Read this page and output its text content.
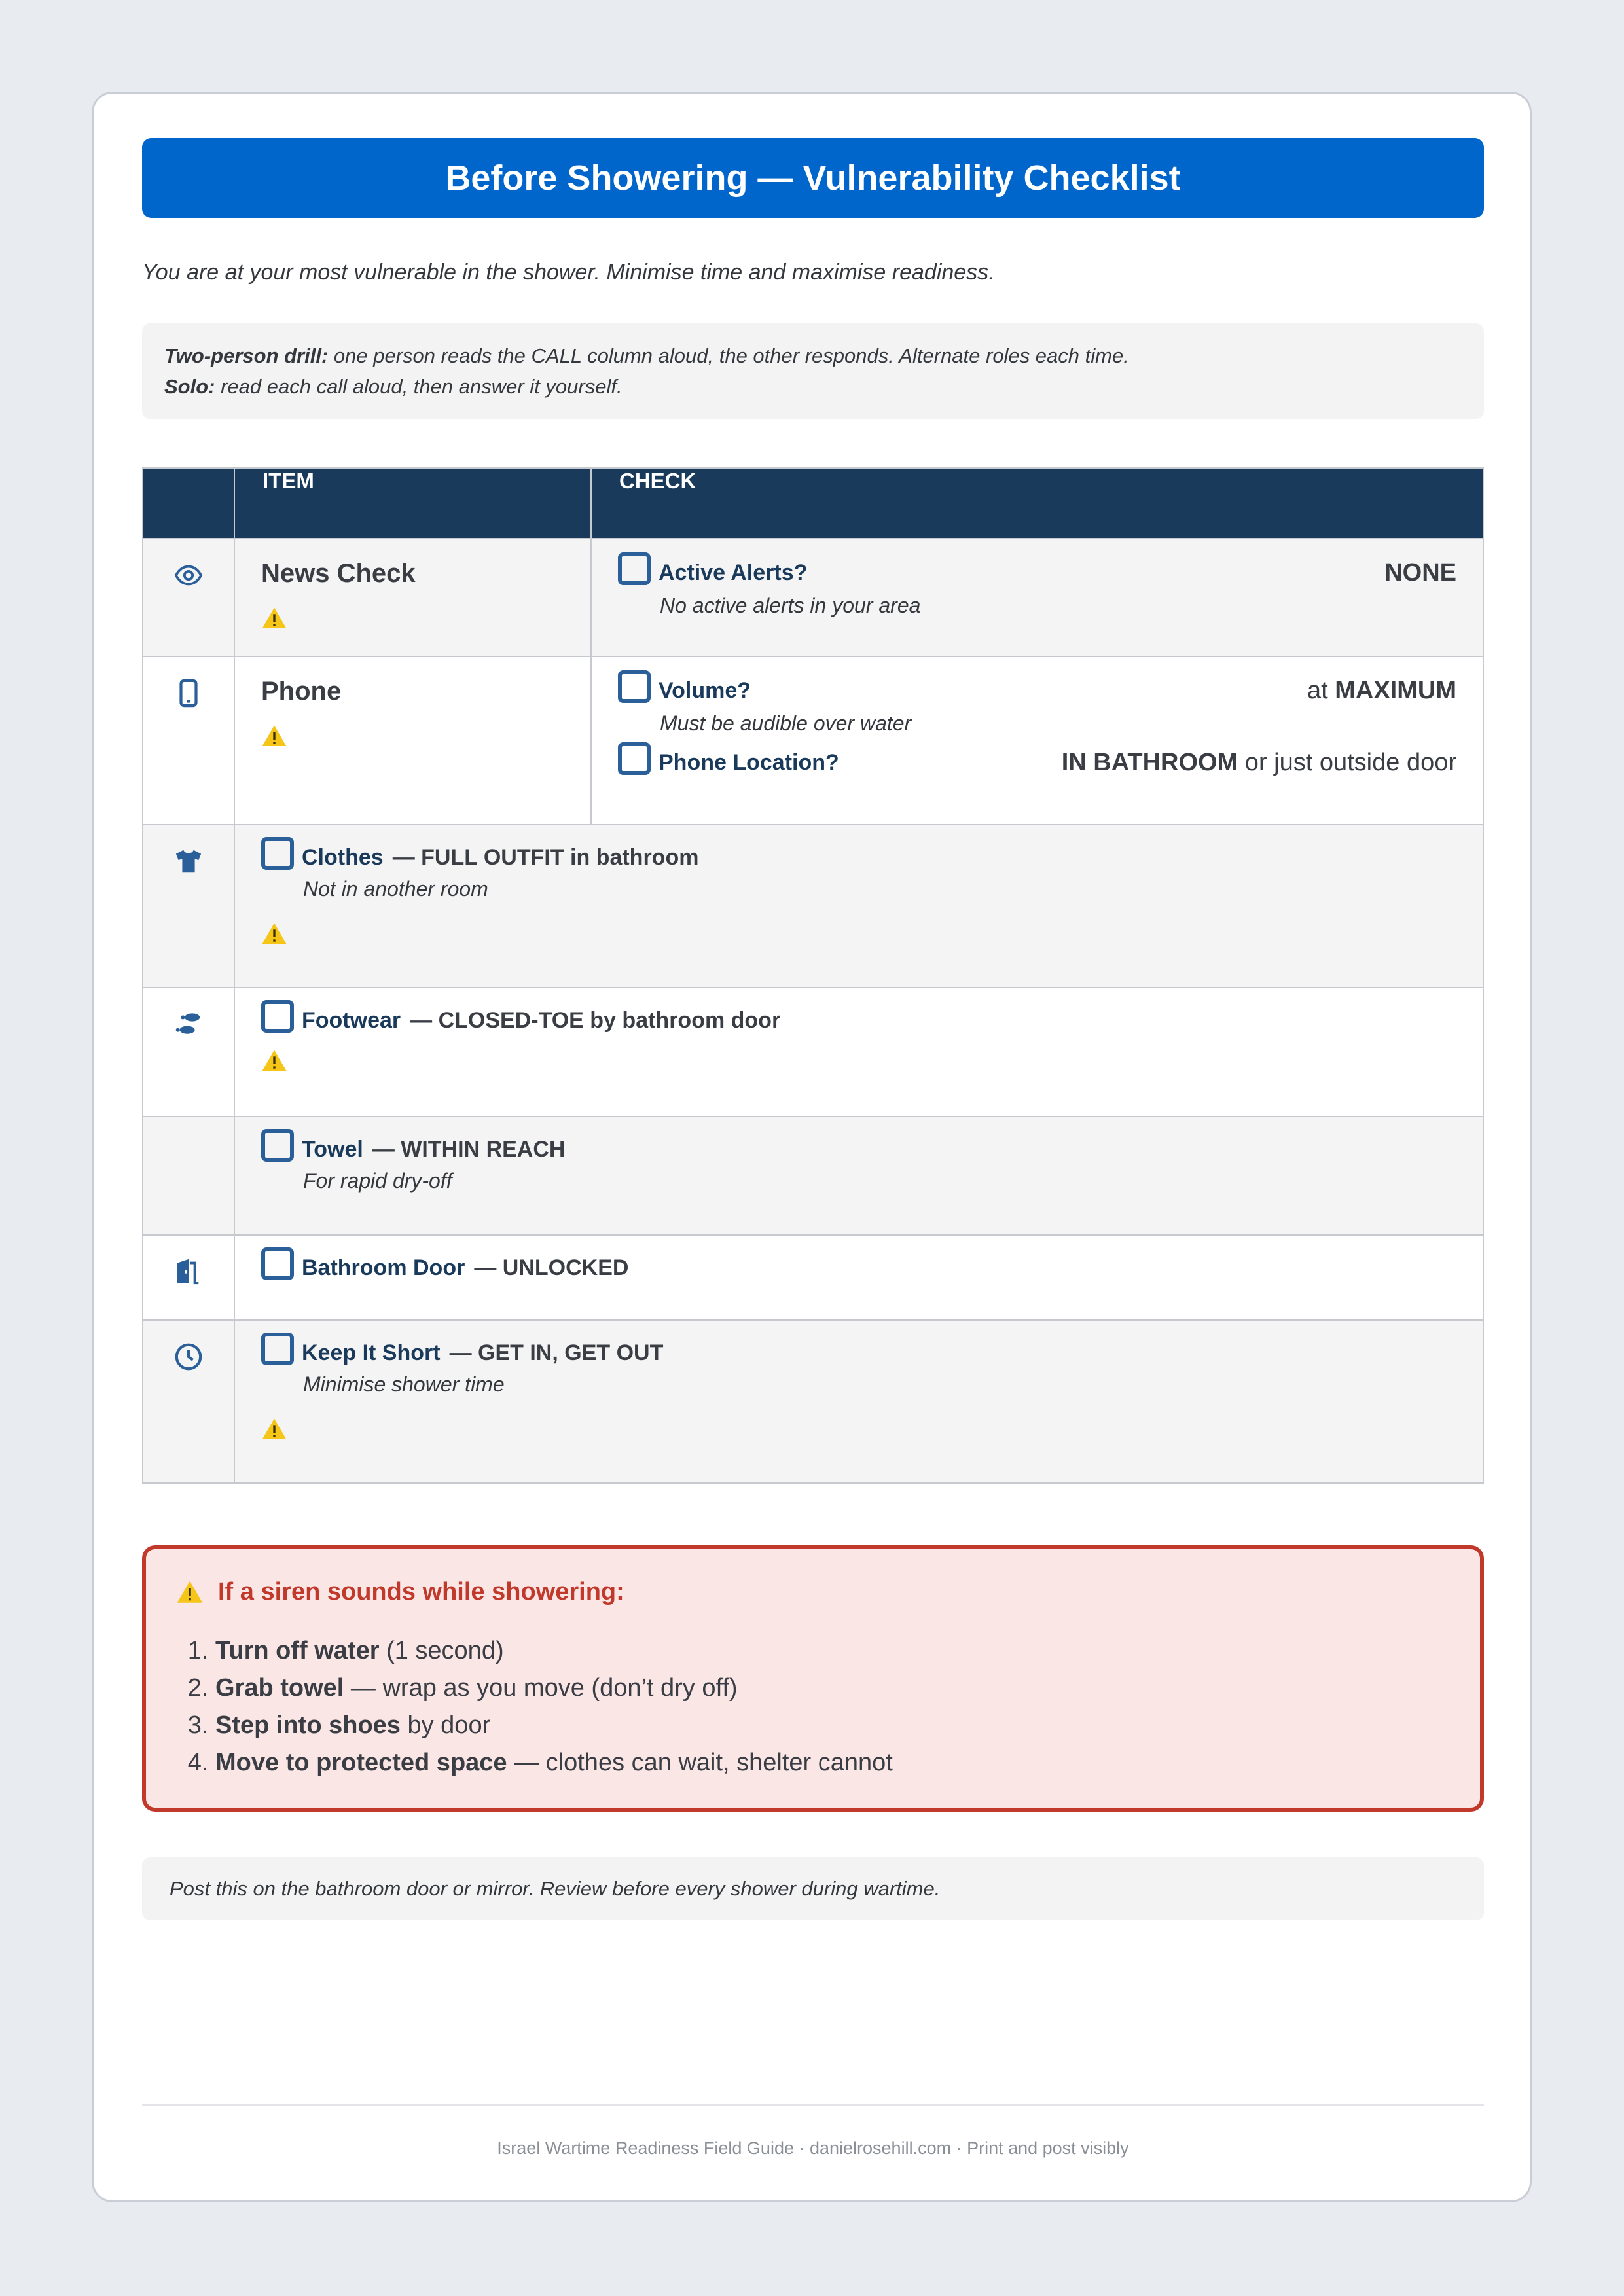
Before Showering — Vulnerability Checklist

You are at your most vulnerable in the shower. Minimise time and maximise readiness.

Two-person drill: one person reads the CALL column aloud, the other responds. Alternate roles each time.
Solo: read each call aloud, then answer it yourself.
	ITEM	CHECK

News Check	Active Alerts? NONE
No active alerts in your area

Phone	Volume? at MAXIMUM
Must be audible over water
Phone Location? IN BATHROOM or just outside door

Clothes — FULL OUTFIT in bathroom
Not in another room	

Footwear — CLOSED-TOE by bathroom door	

	Towel — WITHIN REACH
For rapid dry-off	

Bathroom Door — UNLOCKED	

Keep It Short — GET IN, GET OUT
Minimise shower time	
If a siren sounds while showering:
1. Turn off water (1 second)
2. Grab towel — wrap as you move (don’t dry off)
3. Step into shoes by door
4. Move to protected space — clothes can wait, shelter cannot
Post this on the bathroom door or mirror. Review before every shower during wartime.
Israel Wartime Readiness Field Guide · danielrosehill.com · Print and post visibly
